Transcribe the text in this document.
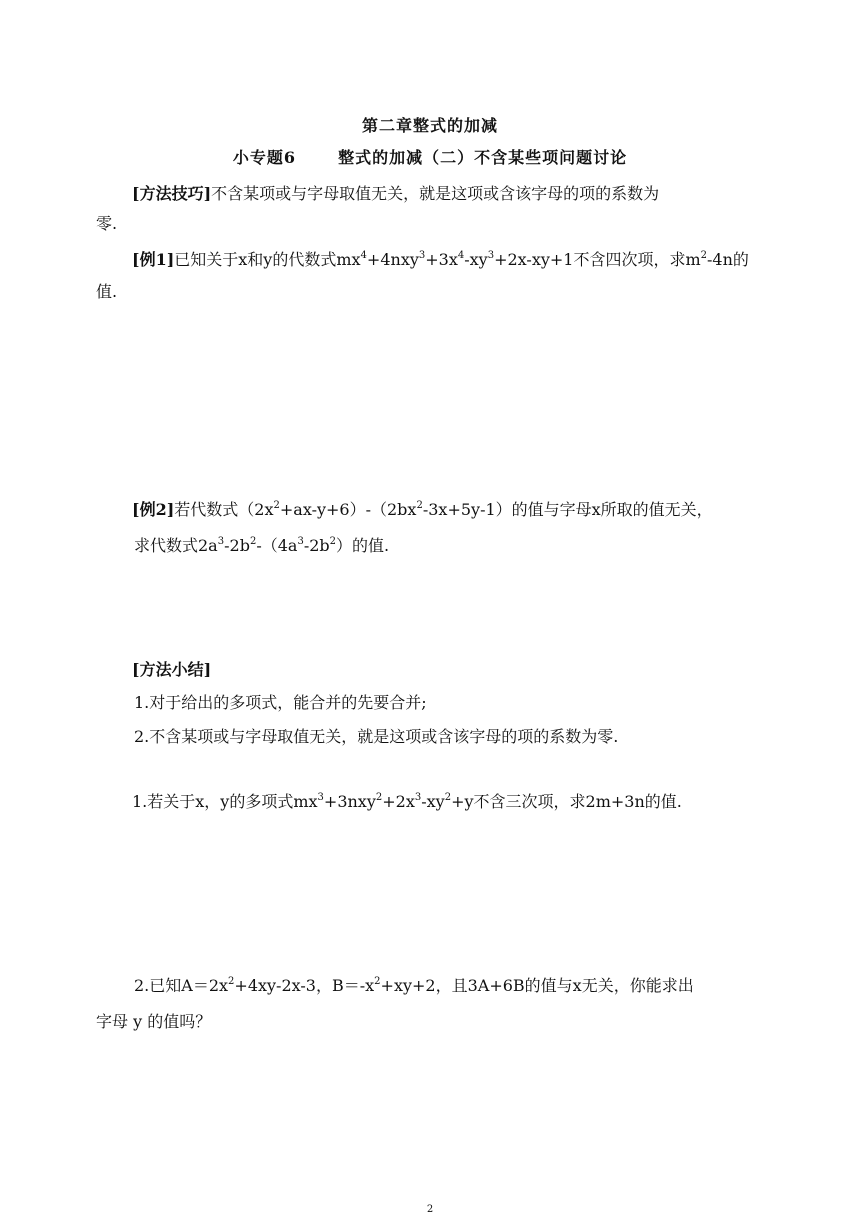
第二章整式的加减
小专题6	整式的加减（二）不含某些项问题讨论
[方法技巧]不含某项或与字母取值无关，就是这项或含该字母的项的系数为
零.
[例1]已知关于x和y的代数式$mx^4+4nxy^3+3x^4-xy^3+2x-xy+1$不含四次项，求$m^2-4n$的
值.
[例2]若代数式$(2x^2+ax-y+6)-(2bx^2-3x+5y-1)$的值与字母x所取的值无关，
求代数式$2a^3-2b^2-(4a^3-2b^2)$的值.
[方法小结]
1.对于给出的多项式，能合并的先要合并;
2.不含某项或与字母取值无关，就是这项或含该字母的项的系数为零.
1.若关于x，y的多项式$mx^3+3nxy^2+2x^3-xy^2+y$不含三次项，求2m+3n的值.
2.已知$A=2x^2+4xy-2x-3$，$B=-x^2+xy+2$，且3A+6B的值与x无关，你能求出
字母 y 的值吗？
2
